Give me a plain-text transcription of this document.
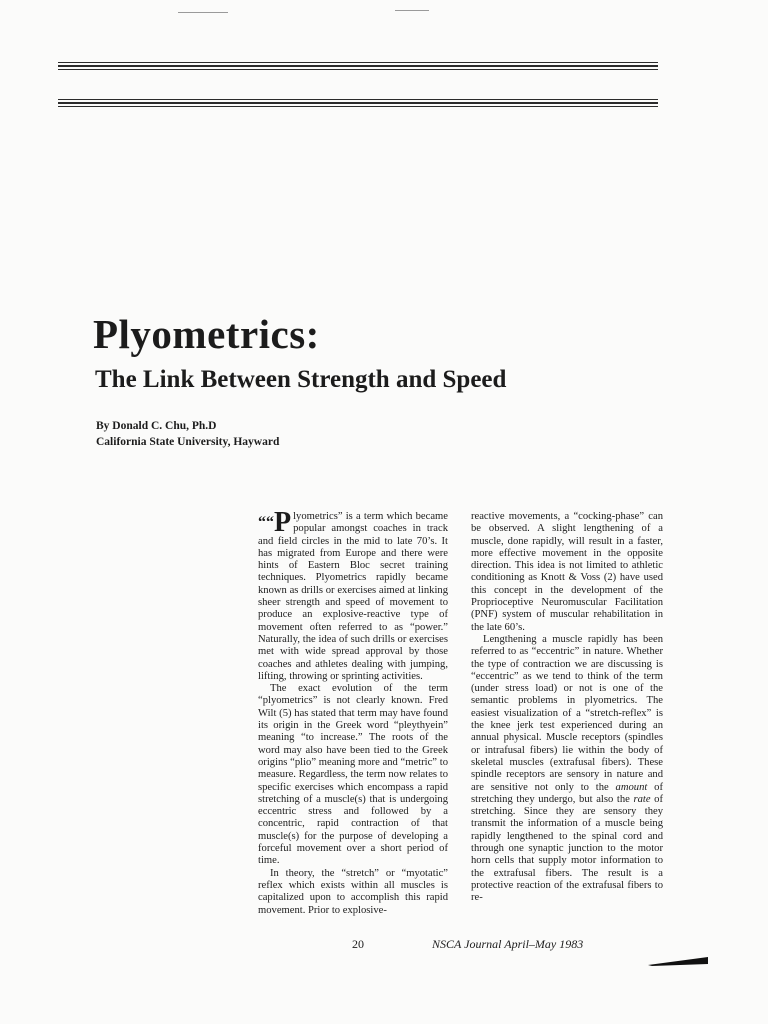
Plyometrics:
The Link Between Strength and Speed
By Donald C. Chu, Ph.D
California State University, Hayward

““P lyometrics” is a term which became popular amongst coaches in track and field circles in the mid to late 70’s. It has migrated from Europe and there were hints of Eastern Bloc secret training techniques. Plyometrics rapidly became known as drills or exercises aimed at linking sheer strength and speed of movement to produce an explosive-reactive type of movement often referred to as “power.” Naturally, the idea of such drills or exercises met with wide spread approval by those coaches and athletes dealing with jumping, lifting, throwing or sprinting activities.

The exact evolution of the term “plyometrics” is not clearly known. Fred Wilt (5) has stated that term may have found its origin in the Greek word “pleythyein” meaning “to increase.” The roots of the word may also have been tied to the Greek origins “plio” meaning more and “metric” to measure. Regardless, the term now relates to specific exercises which encompass a rapid stretching of a muscle(s) that is undergoing eccentric stress and followed by a concentric, rapid contraction of that muscle(s) for the purpose of developing a forceful movement over a short period of time.

In theory, the “stretch” or “myotatic” reflex which exists within all muscles is capitalized upon to accomplish this rapid movement. Prior to explosive-

reactive movements, a “cocking-phase” can be observed. A slight lengthening of a muscle, done rapidly, will result in a faster, more effective movement in the opposite direction. This idea is not limited to athletic conditioning as Knott & Voss (2) have used this concept in the development of the Proprioceptive Neuromuscular Facilitation (PNF) system of muscular rehabilitation in the late 60’s.

Lengthening a muscle rapidly has been referred to as “eccentric” in nature. Whether the type of contraction we are discussing is “eccentric” as we tend to think of the term (under stress load) or not is one of the semantic problems in plyometrics. The easiest visualization of a “stretch-reflex” is the knee jerk test experienced during an annual physical. Muscle receptors (spindles or intrafusal fibers) lie within the body of skeletal muscles (extrafusal fibers). These spindle receptors are sensory in nature and are sensitive not only to the amount of stretching they undergo, but also the rate of stretching. Since they are sensory they transmit the information of a muscle being rapidly lengthened to the spinal cord and through one synaptic junction to the motor horn cells that supply motor information to the extrafusal fibers. The result is a protective reaction of the extrafusal fibers to re-

20	NSCA Journal April–May 1983
